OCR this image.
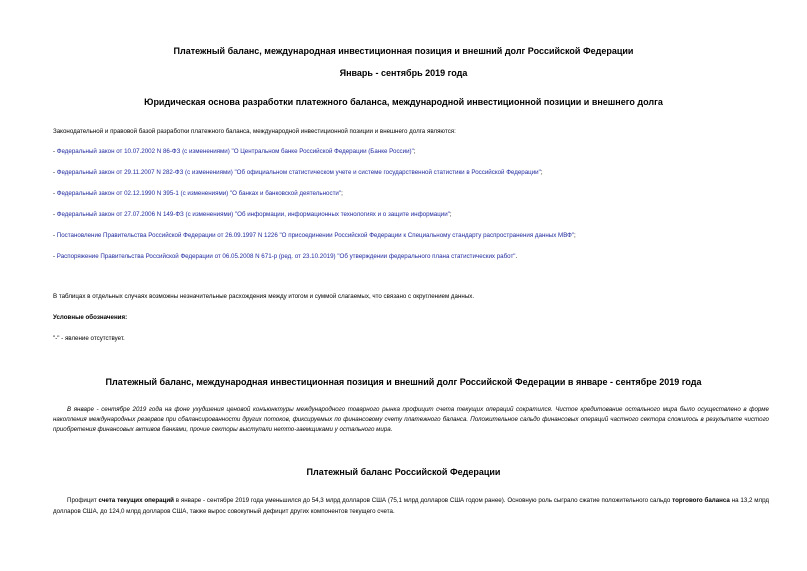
Платежный баланс, международная инвестиционная позиция и внешний долг Российской Федерации
Январь - сентябрь 2019 года
Юридическая основа разработки платежного баланса, международной инвестиционной позиции и внешнего долга
Законодательной и правовой базой разработки платежного баланса, международной инвестиционной позиции и внешнего долга являются:
- Федеральный закон от 10.07.2002 N 86-ФЗ (с изменениями) "О Центральном банке Российской Федерации (Банке России)";
- Федеральный закон от 29.11.2007 N 282-ФЗ (с изменениями) "Об официальном статистическом учете и системе государственной статистики в Российской Федерации";
- Федеральный закон от 02.12.1990 N 395-1 (с изменениями) "О банках и банковской деятельности";
- Федеральный закон от 27.07.2006 N 149-ФЗ (с изменениями) "Об информации, информационных технологиях и о защите информации";
- Постановление Правительства Российской Федерации от 26.09.1997 N 1226 "О присоединении Российской Федерации к Специальному стандарту распространения данных МВФ";
- Распоряжение Правительства Российской Федерации от 06.05.2008 N 671-р (ред. от 23.10.2019) "Об утверждении федерального плана статистических работ".
В таблицах в отдельных случаях возможны незначительные расхождения между итогом и суммой слагаемых, что связано с округлением данных.
Условные обозначения:
"-" - явление отсутствует.
Платежный баланс, международная инвестиционная позиция и внешний долг Российской Федерации в январе - сентябре 2019 года
В январе - сентябре 2019 года на фоне ухудшения ценовой конъюнктуры международного товарного рынка профицит счета текущих операций сократился. Чистое кредитование остального мира было осуществлено в форме накопления международных резервов при сбалансированности других потоков, фиксируемых по финансовому счету платежного баланса. Положительное сальдо финансовых операций частного сектора сложилось в результате чистого приобретения финансовых активов банками, прочие секторы выступали нетто-заемщиками у остального мира.
Платежный баланс Российской Федерации
Профицит счета текущих операций в январе - сентябре 2019 года уменьшился до 54,3 млрд долларов США (75,1 млрд долларов США годом ранее). Основную роль сыграло сжатие положительного сальдо торгового баланса на 13,2 млрд долларов США, до 124,0 млрд долларов США, также вырос совокупный дефицит других компонентов текущего счета.
